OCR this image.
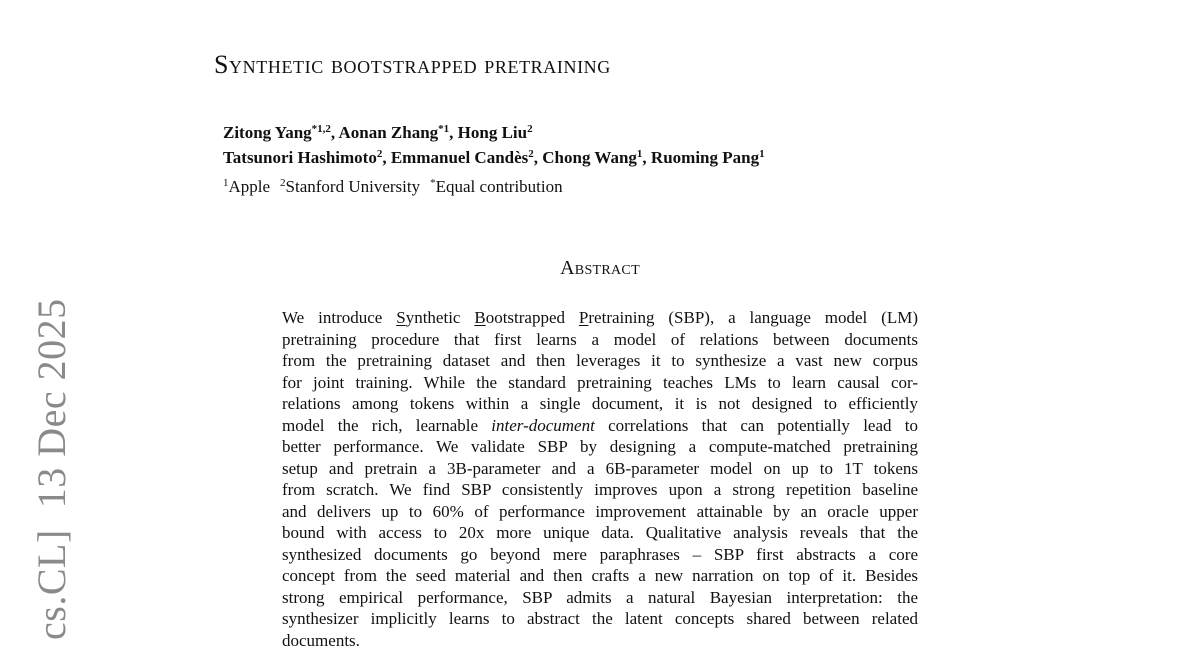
Synthetic bootstrapped pretraining
Zitong Yang$^{*1,2}$, Aonan Zhang$^{*1}$, Hong Liu$^2$
Tatsunori Hashimoto$^2$, Emmanuel Candès$^2$, Chong Wang$^1$, Ruoming Pang$^1$
$^1$Apple $^2$Stanford University *Equal contribution
Abstract
We introduce Synthetic Bootstrapped Pretraining (SBP), a language model (LM)
pretraining procedure that first learns a model of relations between documents
from the pretraining dataset and then leverages it to synthesize a vast new corpus
for joint training. While the standard pretraining teaches LMs to learn causal cor-
relations among tokens within a single document, it is not designed to efficiently
model the rich, learnable inter-document correlations that can potentially lead to
better performance. We validate SBP by designing a compute-matched pretraining
setup and pretrain a 3B-parameter and a 6B-parameter model on up to 1T tokens
from scratch. We find SBP consistently improves upon a strong repetition baseline
and delivers up to 60% of performance improvement attainable by an oracle upper
bound with access to 20x more unique data. Qualitative analysis reveals that the
synthesized documents go beyond mere paraphrases – SBP first abstracts a core
concept from the seed material and then crafts a new narration on top of it. Besides
strong empirical performance, SBP admits a natural Bayesian interpretation: the
synthesizer implicitly learns to abstract the latent concepts shared between related
documents.
cs.CL]  13 Dec 2025
